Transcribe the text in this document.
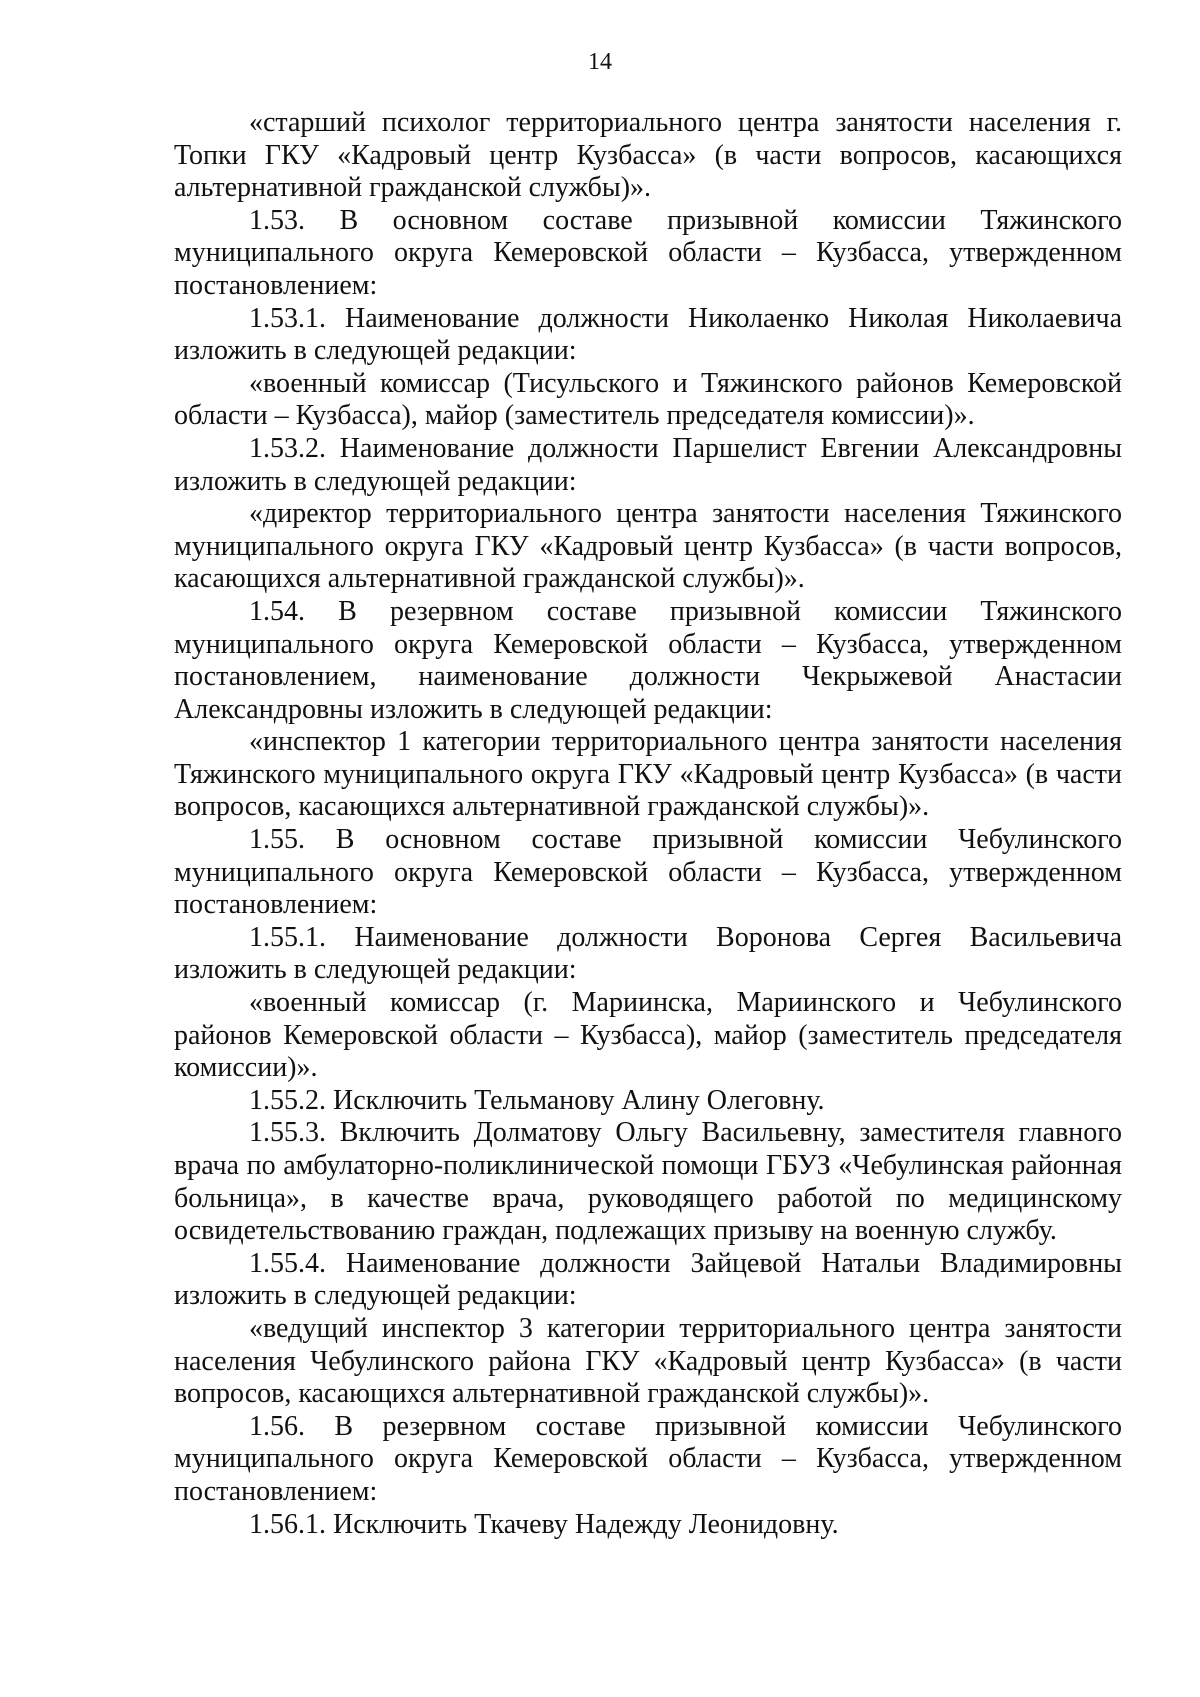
14

«старший психолог территориального центра занятости населения г. Топки ГКУ «Кадровый центр Кузбасса» (в части вопросов, касающихся альтернативной гражданской службы)».

1.53. В основном составе призывной комиссии Тяжинского муниципального округа Кемеровской области – Кузбасса, утвержденном постановлением:

1.53.1. Наименование должности Николаенко Николая Николаевича изложить в следующей редакции:

«военный комиссар (Тисульского и Тяжинского районов Кемеровской области – Кузбасса), майор (заместитель председателя комиссии)».

1.53.2. Наименование должности Паршелист Евгении Александровны изложить в следующей редакции:

«директор территориального центра занятости населения Тяжинского муниципального округа ГКУ «Кадровый центр Кузбасса» (в части вопросов, касающихся альтернативной гражданской службы)».

1.54. В резервном составе призывной комиссии Тяжинского муниципального округа Кемеровской области – Кузбасса, утвержденном постановлением, наименование должности Чекрыжевой Анастасии Александровны изложить в следующей редакции:

«инспектор 1 категории территориального центра занятости населения Тяжинского муниципального округа ГКУ «Кадровый центр Кузбасса» (в части вопросов, касающихся альтернативной гражданской службы)».

1.55. В основном составе призывной комиссии Чебулинского муниципального округа Кемеровской области – Кузбасса, утвержденном постановлением:

1.55.1. Наименование должности Воронова Сергея Васильевича изложить в следующей редакции:

«военный комиссар (г. Мариинска, Мариинского и Чебулинского районов Кемеровской области – Кузбасса), майор (заместитель председателя комиссии)».

1.55.2. Исключить Тельманову Алину Олеговну.

1.55.3. Включить Долматову Ольгу Васильевну, заместителя главного врача по амбулаторно-поликлинической помощи ГБУЗ «Чебулинская районная больница», в качестве врача, руководящего работой по медицинскому освидетельствованию граждан, подлежащих призыву на военную службу.

1.55.4. Наименование должности Зайцевой Натальи Владимировны изложить в следующей редакции:

«ведущий инспектор 3 категории территориального центра занятости населения Чебулинского района ГКУ «Кадровый центр Кузбасса» (в части вопросов, касающихся альтернативной гражданской службы)».

1.56. В резервном составе призывной комиссии Чебулинского муниципального округа Кемеровской области – Кузбасса, утвержденном постановлением:

1.56.1. Исключить Ткачеву Надежду Леонидовну.
